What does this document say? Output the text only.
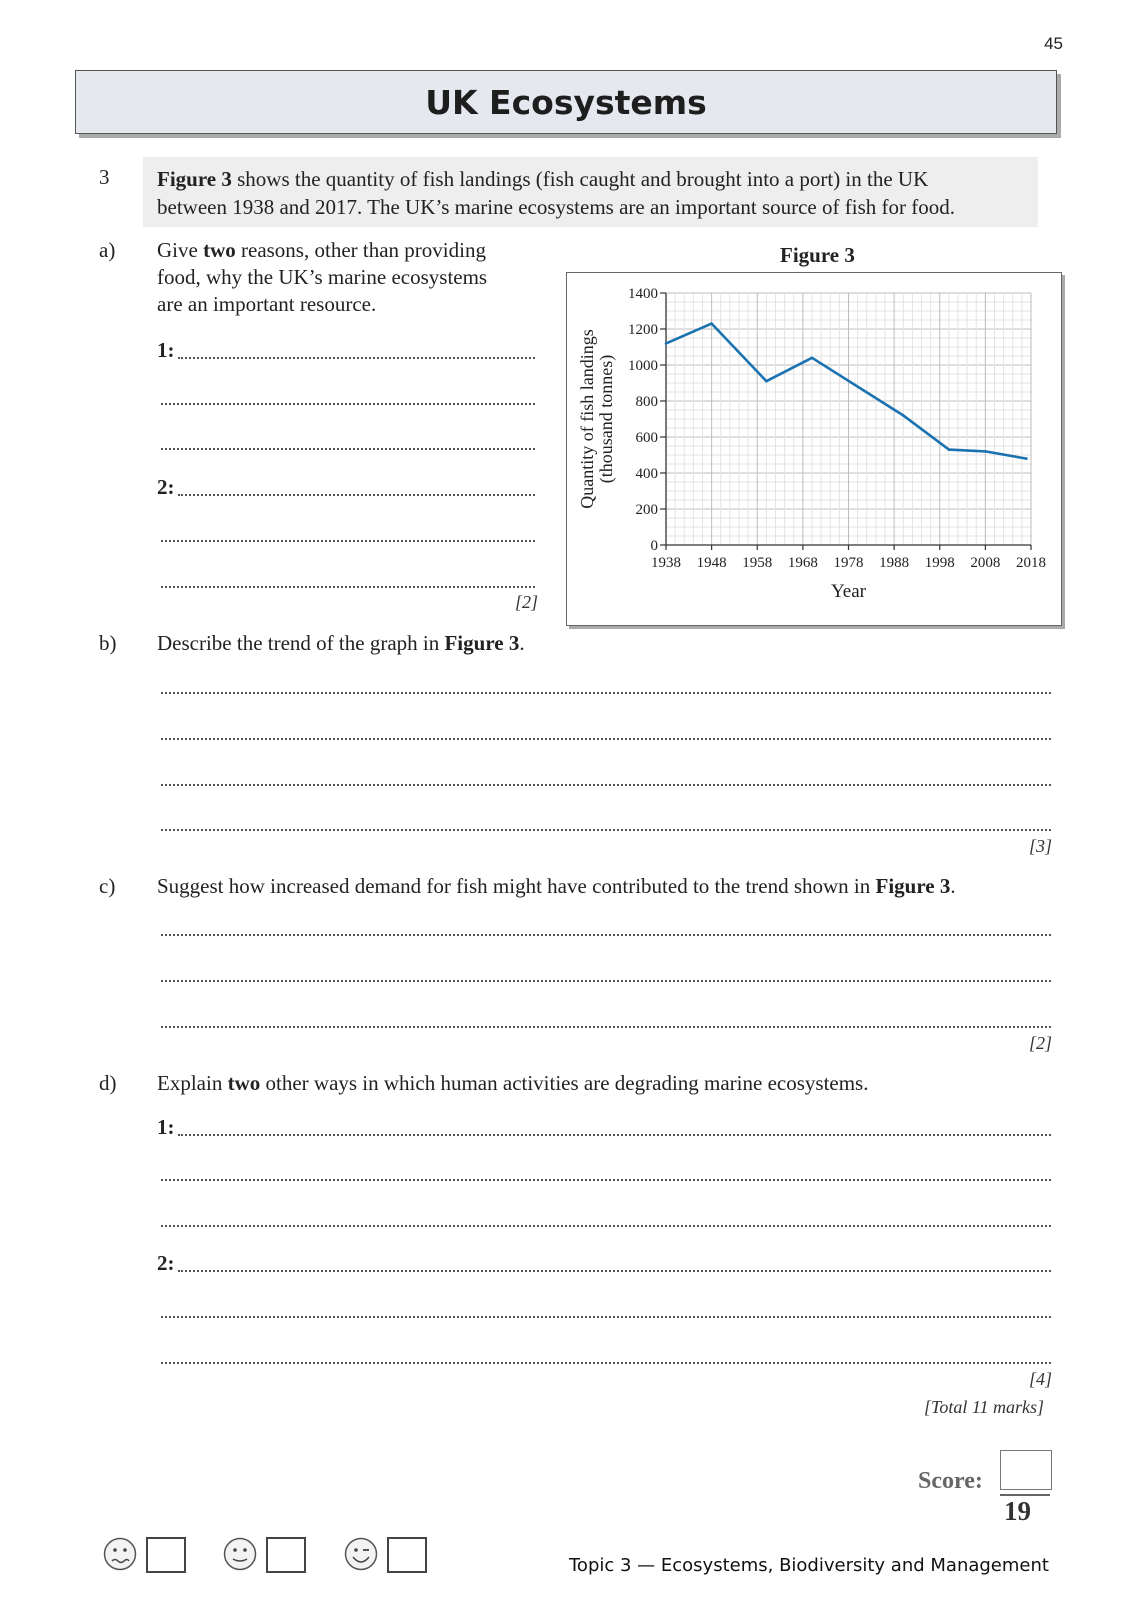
45
UK Ecosystems
3 Figure 3 shows the quantity of fish landings (fish caught and brought into a port) in the UK
between 1938 and 2017. The UK’s marine ecosystems are an important source of fish for food.
a) Give two reasons, other than providing
food, why the UK’s marine ecosystems
are an important resource.
1:
2:
[2]
Figure 3
0
200
400
600
800
1000
1200
1400
1938 1948 1958 1968 1978 1988 1998 2008 2018
Year
Quantity of fish landings (thousand tonnes)
b) Describe the trend of the graph in Figure 3.
[3]
c) Suggest how increased demand for fish might have contributed to the trend shown in Figure 3.
[2]
d) Explain two other ways in which human activities are degrading marine ecosystems.
1:
2:
[4]
[Total 11 marks]
Score:
19
Topic 3 — Ecosystems, Biodiversity and Management
